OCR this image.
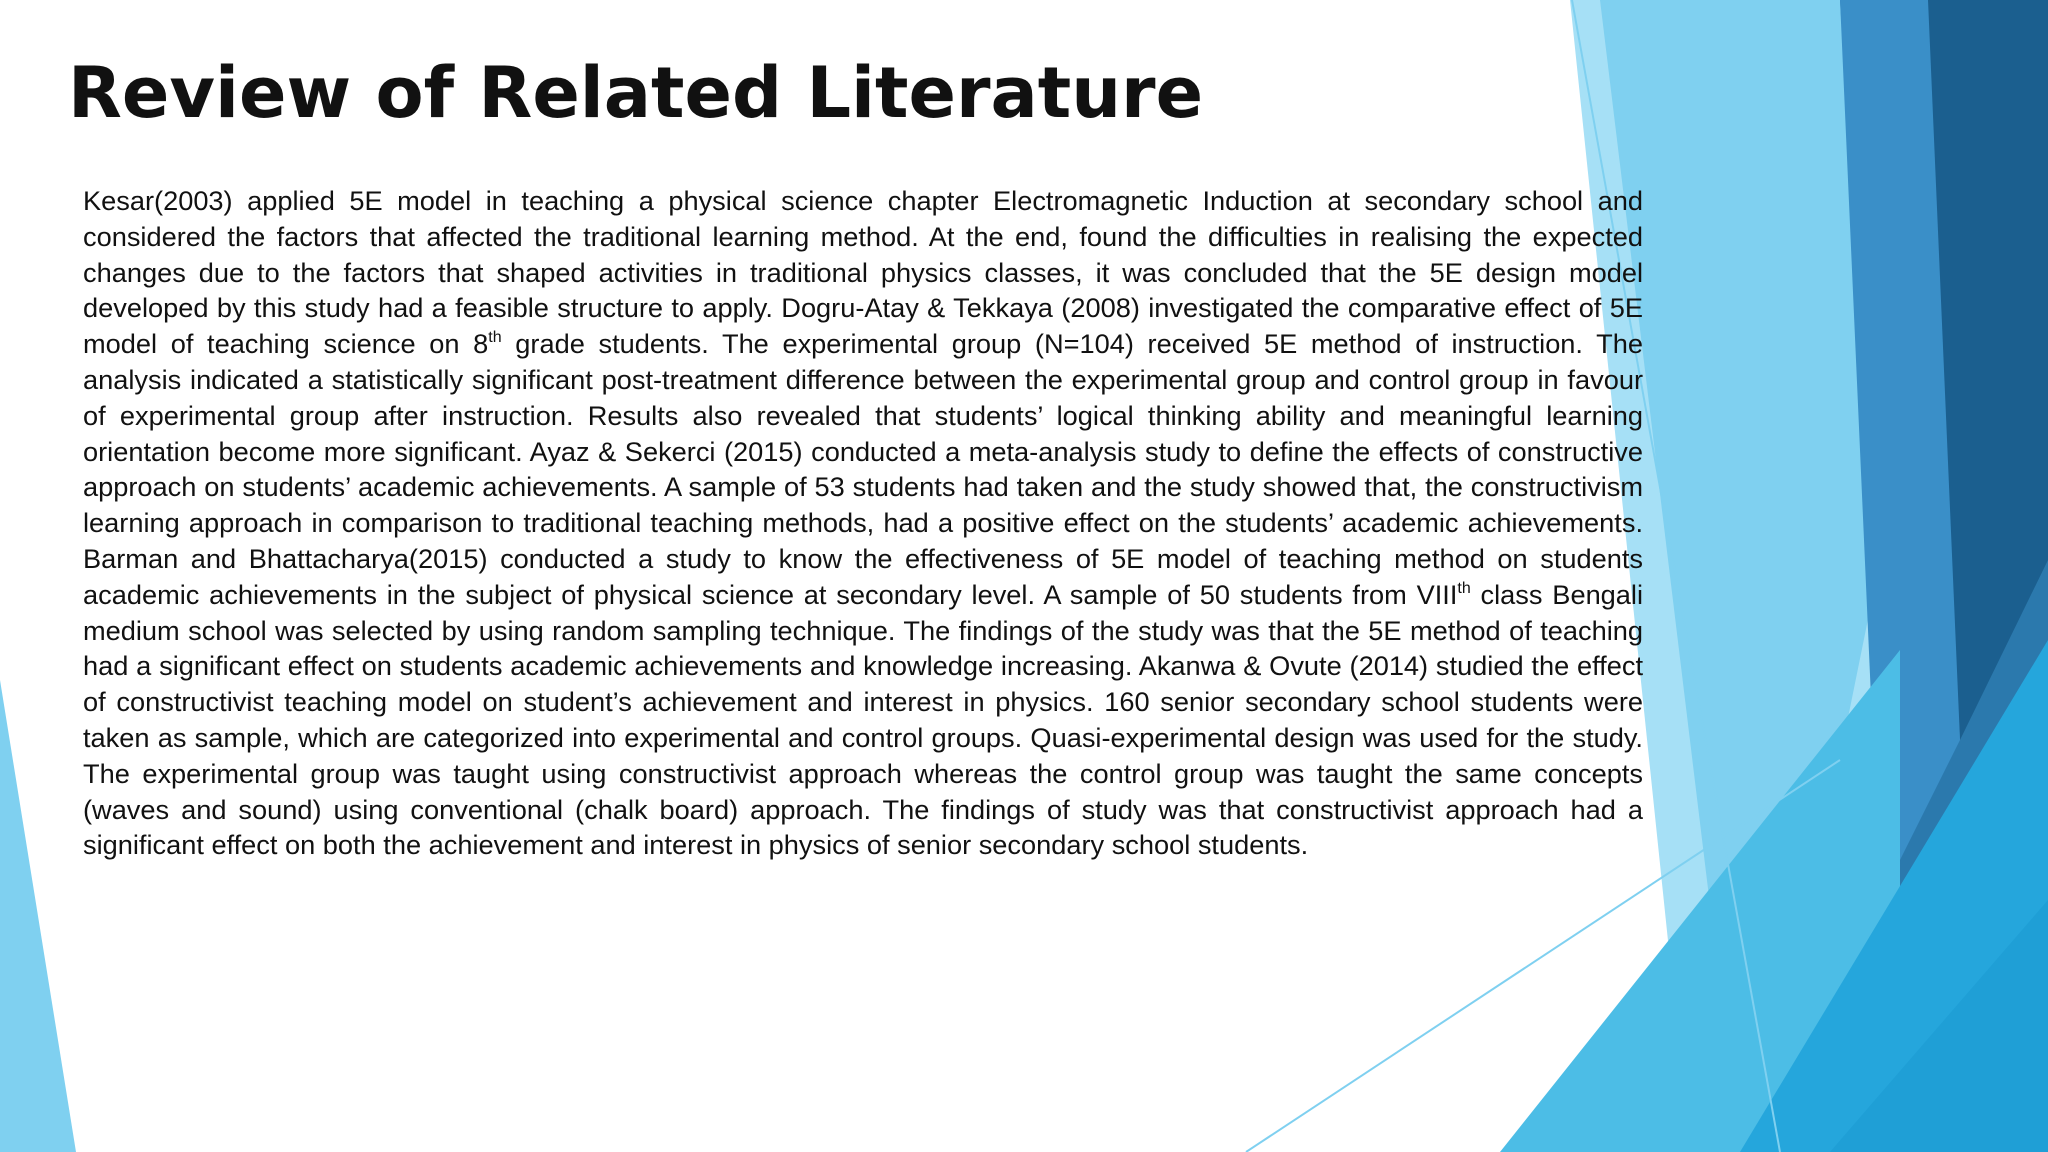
Review of Related Literature

Kesar(2003) applied 5E model in teaching a physical science chapter Electromagnetic Induction at secondary school and considered the factors that affected the traditional learning method. At the end, found the difficulties in realising the expected changes due to the factors that shaped activities in traditional physics classes, it was concluded that the 5E design model developed by this study had a feasible structure to apply. Dogru-Atay & Tekkaya (2008) investigated the comparative effect of 5E model of teaching science on 8th grade students. The experimental group (N=104) received 5E method of instruction. The analysis indicated a statistically significant post-treatment difference between the experimental group and control group in favour of experimental group after instruction. Results also revealed that students’ logical thinking ability and meaningful learning orientation become more significant. Ayaz & Sekerci (2015) conducted a meta-analysis study to define the effects of constructive approach on students’ academic achievements. A sample of 53 students had taken and the study showed that, the constructivism learning approach in comparison to traditional teaching methods, had a positive effect on the students’ academic achievements. Barman and Bhattacharya(2015) conducted a study to know the effectiveness of 5E model of teaching method on students academic achievements in the subject of physical science at secondary level. A sample of 50 students from VIIIth class Bengali medium school was selected by using random sampling technique. The findings of the study was that the 5E method of teaching had a significant effect on students academic achievements and knowledge increasing. Akanwa & Ovute (2014) studied the effect of constructivist teaching model on student’s achievement and interest in physics. 160 senior secondary school students were taken as sample, which are categorized into experimental and control groups. Quasi-experimental design was used for the study. The experimental group was taught using constructivist approach whereas the control group was taught the same concepts (waves and sound) using conventional (chalk board) approach. The findings of study was that constructivist approach had a significant effect on both the achievement and interest in physics of senior secondary school students.
